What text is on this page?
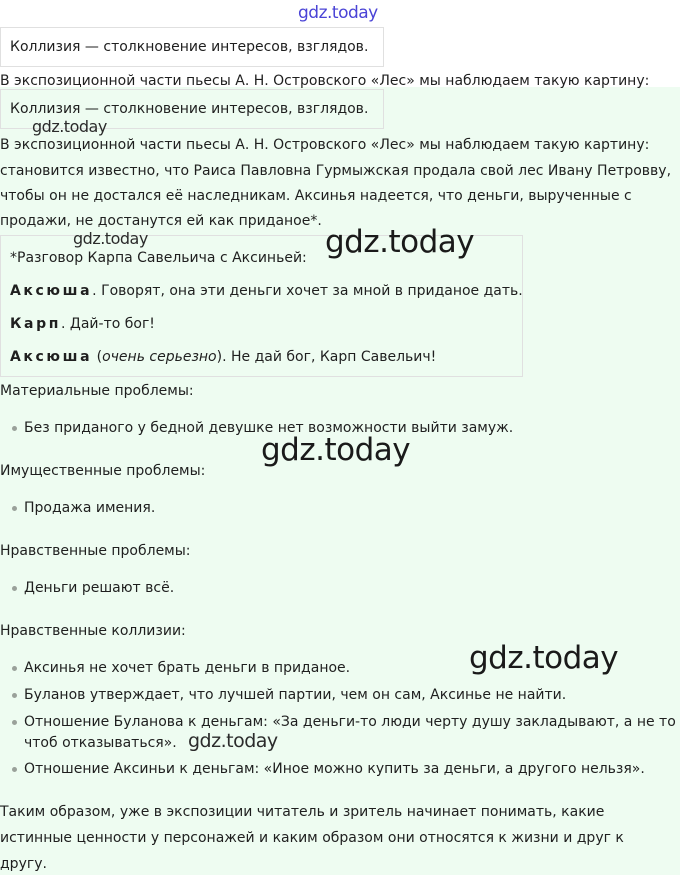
Коллизия — столкновение интересов, взглядов.
В экспозиционной части пьесы А. Н. Островского «Лес» мы наблюдаем такую картину:
Коллизия — столкновение интересов, взглядов.
В экспозиционной части пьесы А. Н. Островского «Лес» мы наблюдаем такую картину:
становится известно, что Раиса Павловна Гурмыжская продала свой лес Ивану Петровву,
чтобы он не достался её наследникам. Аксинья надеется, что деньги, вырученные с
продажи, не достанутся ей как приданое*.
*Разговор Карпа Савельича с Аксиньей:
Аксюша. Говорят, она эти деньги хочет за мной в приданое дать.
Карп. Дай-то бог!
Аксюша (очень серьезно). Не дай бог, Карп Савельич!
Материальные проблемы:
Без приданого у бедной девушке нет возможности выйти замуж.
Имущественные проблемы:
Продажа имения.
Нравственные проблемы:
Деньги решают всё.
Нравственные коллизии:
Аксинья не хочет брать деньги в приданое.
Буланов утверждает, что лучшей партии, чем он сам, Аксинье не найти.
Отношение Буланова к деньгам: «За деньги-то люди черту душу закладывают, а не то
чтоб отказываться».
Отношение Аксиньи к деньгам: «Иное можно купить за деньги, а другого нельзя».
Таким образом, уже в экспозиции читатель и зритель начинает понимать, какие
истинные ценности у персонажей и каким образом они относятся к жизни и друг к
другу.
gdz.today
gdz.today
gdz.today	gdz.today
gdz.today
gdz.today
gdz.today
